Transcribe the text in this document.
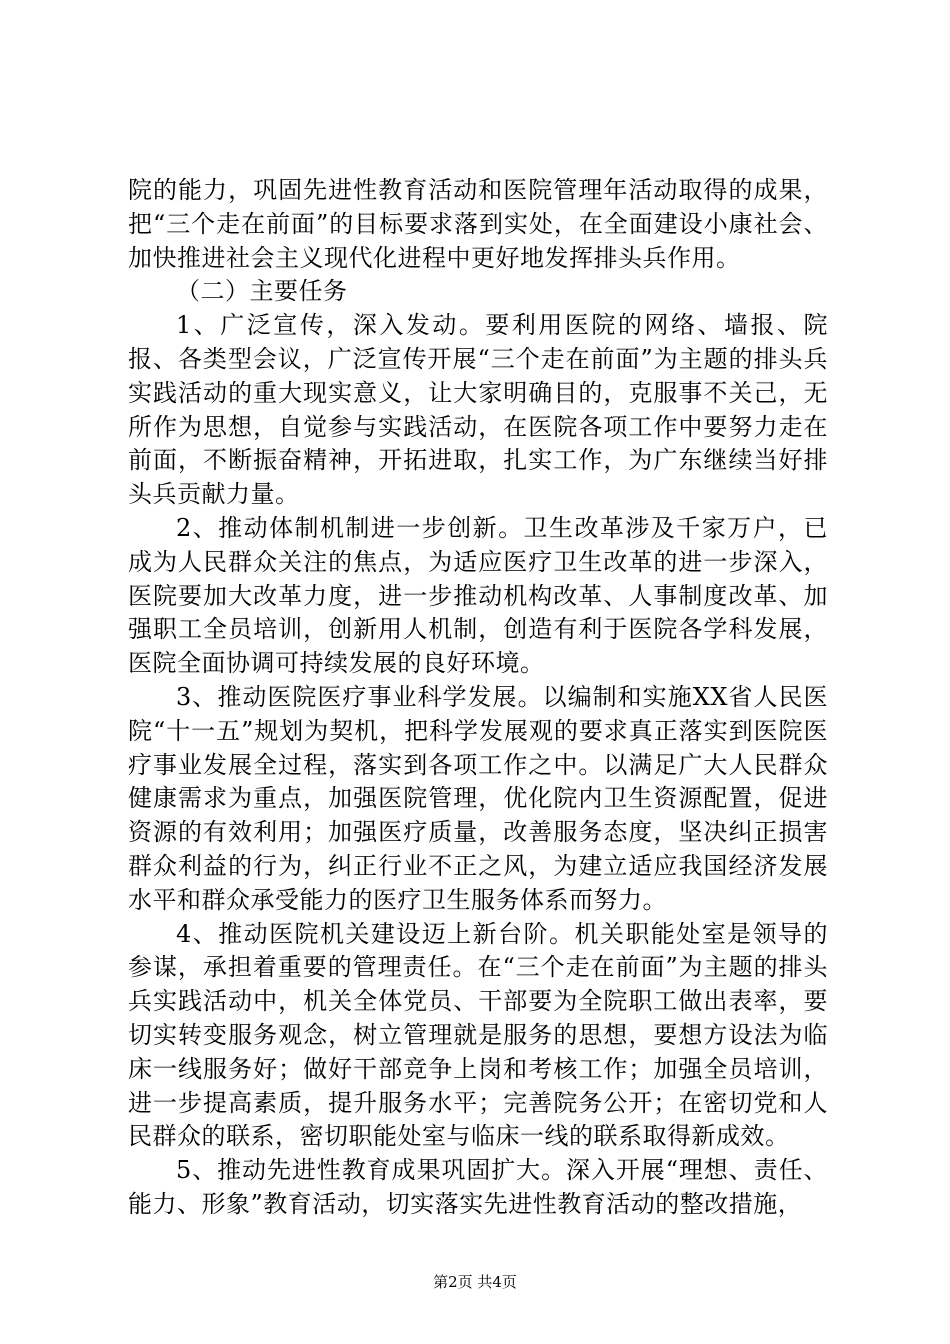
院的能力，巩固先进性教育活动和医院管理年活动取得的成果，把“三个走在前面”的目标要求落到实处，在全面建设小康社会、加快推进社会主义现代化进程中更好地发挥排头兵作用。

（二）主要任务

1、广泛宣传，深入发动。要利用医院的网络、墙报、院报、各类型会议，广泛宣传开展“三个走在前面”为主题的排头兵实践活动的重大现实意义，让大家明确目的，克服事不关己，无所作为思想，自觉参与实践活动，在医院各项工作中要努力走在前面，不断振奋精神，开拓进取，扎实工作，为广东继续当好排头兵贡献力量。

2、推动体制机制进一步创新。卫生改革涉及千家万户，已成为人民群众关注的焦点，为适应医疗卫生改革的进一步深入，医院要加大改革力度，进一步推动机构改革、人事制度改革、加强职工全员培训，创新用人机制，创造有利于医院各学科发展，医院全面协调可持续发展的良好环境。

3、推动医院医疗事业科学发展。以编制和实施XX省人民医院“十一五”规划为契机，把科学发展观的要求真正落实到医院医疗事业发展全过程，落实到各项工作之中。以满足广大人民群众健康需求为重点，加强医院管理，优化院内卫生资源配置，促进资源的有效利用；加强医疗质量，改善服务态度，坚决纠正损害群众利益的行为，纠正行业不正之风，为建立适应我国经济发展水平和群众承受能力的医疗卫生服务体系而努力。

4、推动医院机关建设迈上新台阶。机关职能处室是领导的参谋，承担着重要的管理责任。在“三个走在前面”为主题的排头兵实践活动中，机关全体党员、干部要为全院职工做出表率，要切实转变服务观念，树立管理就是服务的思想，要想方设法为临床一线服务好；做好干部竞争上岗和考核工作；加强全员培训，进一步提高素质，提升服务水平；完善院务公开；在密切党和人民群众的联系，密切职能处室与临床一线的联系取得新成效。

5、推动先进性教育成果巩固扩大。深入开展“理想、责任、能力、形象”教育活动，切实落实先进性教育活动的整改措施，

第2页 共4页
